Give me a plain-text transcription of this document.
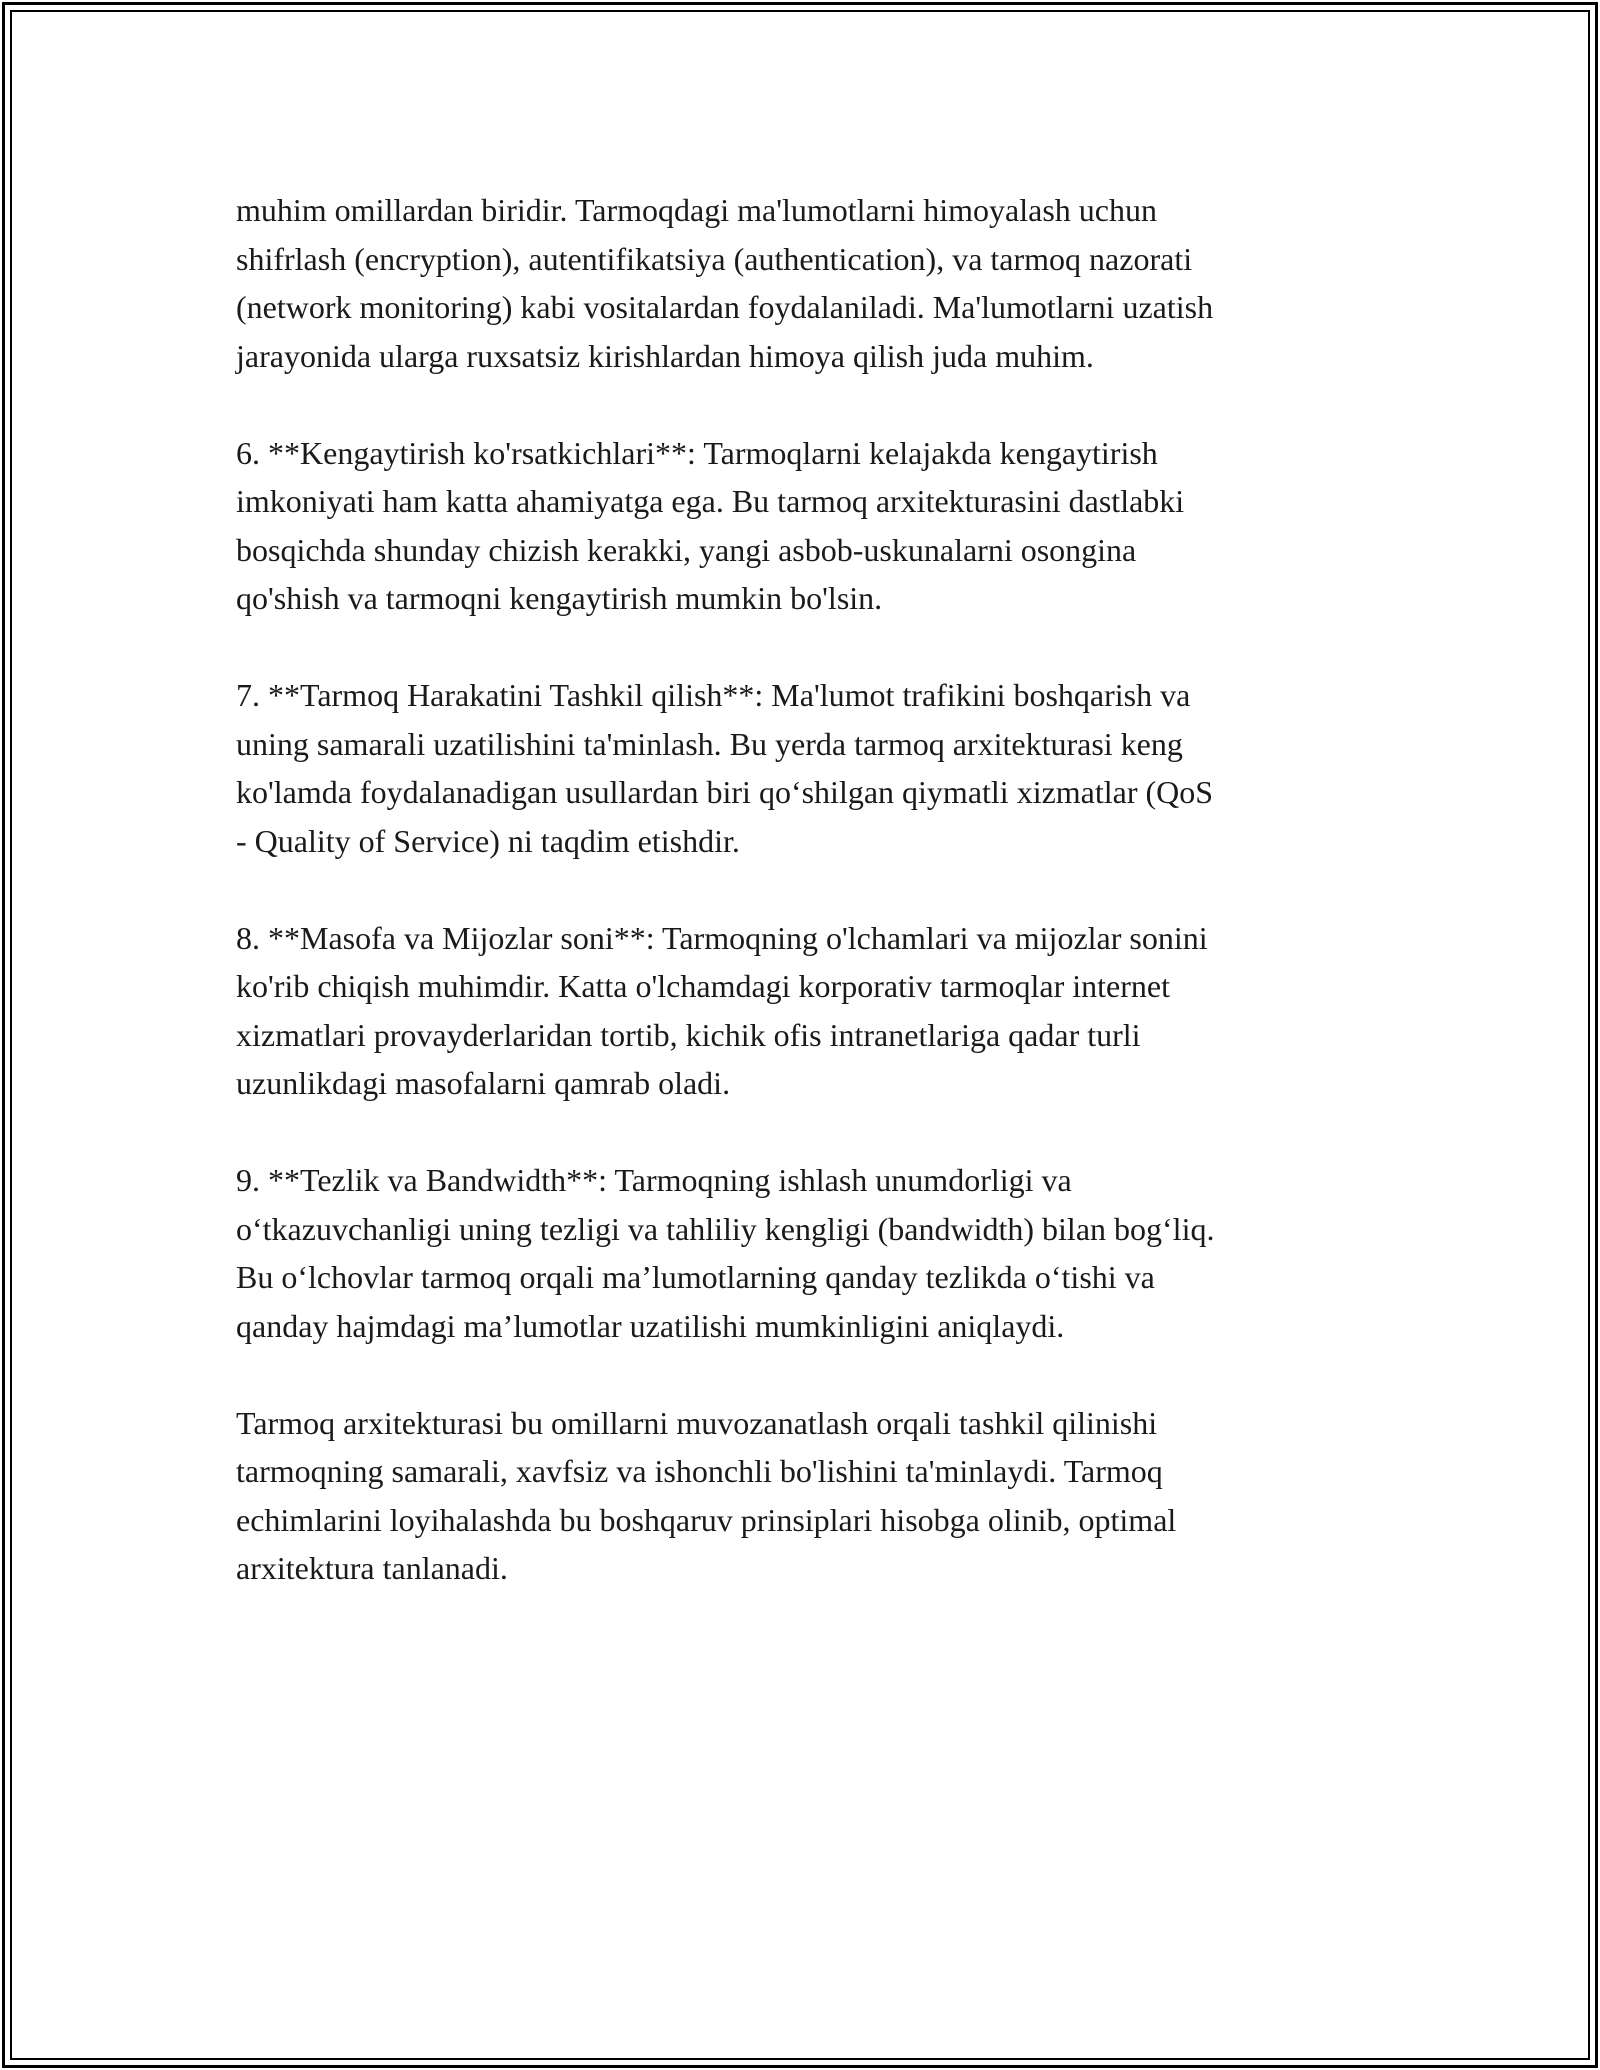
muhim omillardan biridir. Tarmoqdagi ma'lumotlarni himoyalash uchun
shifrlash (encryption), autentifikatsiya (authentication), va tarmoq nazorati
(network monitoring) kabi vositalardan foydalaniladi. Ma'lumotlarni uzatish
jarayonida ularga ruxsatsiz kirishlardan himoya qilish juda muhim.

6. **Kengaytirish ko'rsatkichlari**: Tarmoqlarni kelajakda kengaytirish
imkoniyati ham katta ahamiyatga ega. Bu tarmoq arxitekturasini dastlabki
bosqichda shunday chizish kerakki, yangi asbob-uskunalarni osongina
qo'shish va tarmoqni kengaytirish mumkin bo'lsin.

7. **Tarmoq Harakatini Tashkil qilish**: Ma'lumot trafikini boshqarish va
uning samarali uzatilishini ta'minlash. Bu yerda tarmoq arxitekturasi keng
ko'lamda foydalanadigan usullardan biri qo‘shilgan qiymatli xizmatlar (QoS
- Quality of Service) ni taqdim etishdir.

8. **Masofa va Mijozlar soni**: Tarmoqning o'lchamlari va mijozlar sonini
ko'rib chiqish muhimdir. Katta o'lchamdagi korporativ tarmoqlar internet
xizmatlari provayderlaridan tortib, kichik ofis intranetlariga qadar turli
uzunlikdagi masofalarni qamrab oladi.

9. **Tezlik va Bandwidth**: Tarmoqning ishlash unumdorligi va
o‘tkazuvchanligi uning tezligi va tahliliy kengligi (bandwidth) bilan bog‘liq.
Bu o‘lchovlar tarmoq orqali ma’lumotlarning qanday tezlikda o‘tishi va
qanday hajmdagi ma’lumotlar uzatilishi mumkinligini aniqlaydi.

Tarmoq arxitekturasi bu omillarni muvozanatlash orqali tashkil qilinishi
tarmoqning samarali, xavfsiz va ishonchli bo'lishini ta'minlaydi. Tarmoq
echimlarini loyihalashda bu boshqaruv prinsiplari hisobga olinib, optimal
arxitektura tanlanadi.
